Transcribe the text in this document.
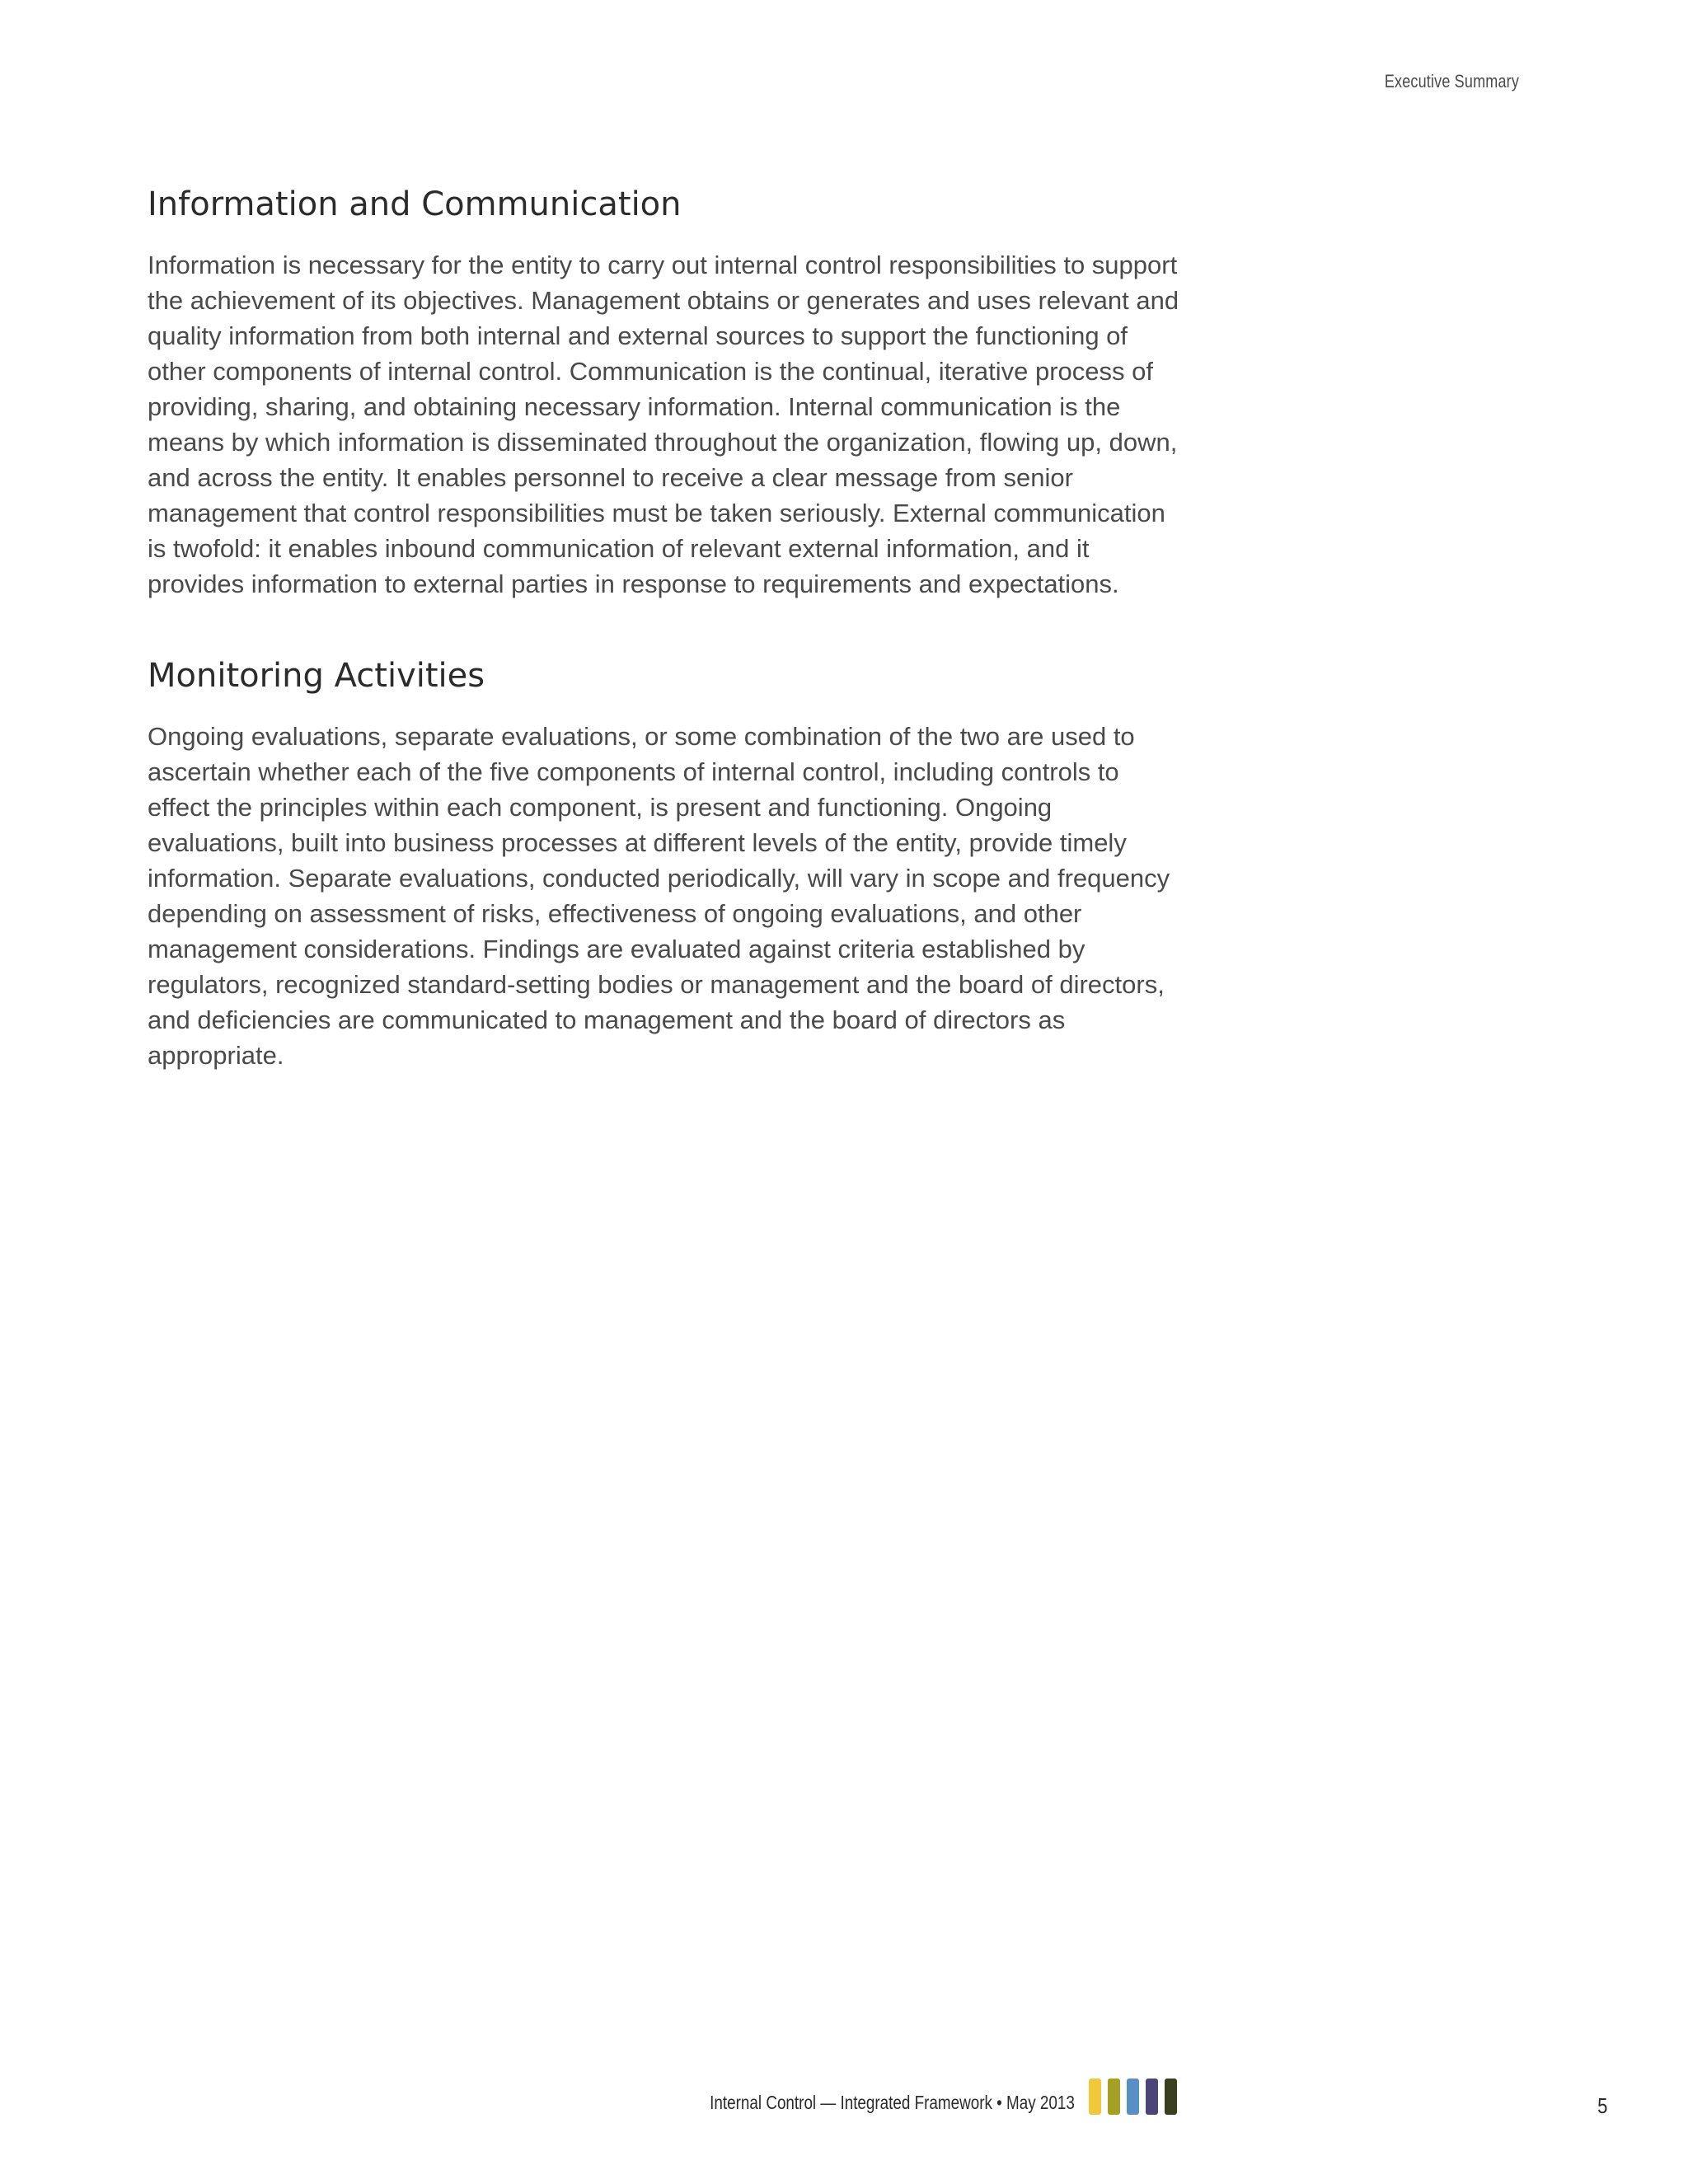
Executive Summary
Information and Communication

Information is necessary for the entity to carry out internal control responsibilities to support the achievement of its objectives. Management obtains or generates and uses relevant and quality information from both internal and external sources to support the functioning of other components of internal control. Communication is the continual, iterative process of providing, sharing, and obtaining necessary information. Internal communication is the means by which information is disseminated throughout the organization, flowing up, down, and across the entity. It enables personnel to receive a clear message from senior management that control responsibilities must be taken seriously. External communication is twofold: it enables inbound communication of relevant external information, and it provides information to external parties in response to requirements and expectations.

Monitoring Activities

Ongoing evaluations, separate evaluations, or some combination of the two are used to ascertain whether each of the five components of internal control, including controls to effect the principles within each component, is present and functioning. Ongoing evaluations, built into business processes at different levels of the entity, provide timely information. Separate evaluations, conducted periodically, will vary in scope and frequency depending on assessment of risks, effectiveness of ongoing evaluations, and other management considerations. Findings are evaluated against criteria established by regulators, recognized standard-setting bodies or management and the board of directors, and deficiencies are communicated to management and the board of directors as appropriate.

Internal Control — Integrated Framework • May 2013	5
